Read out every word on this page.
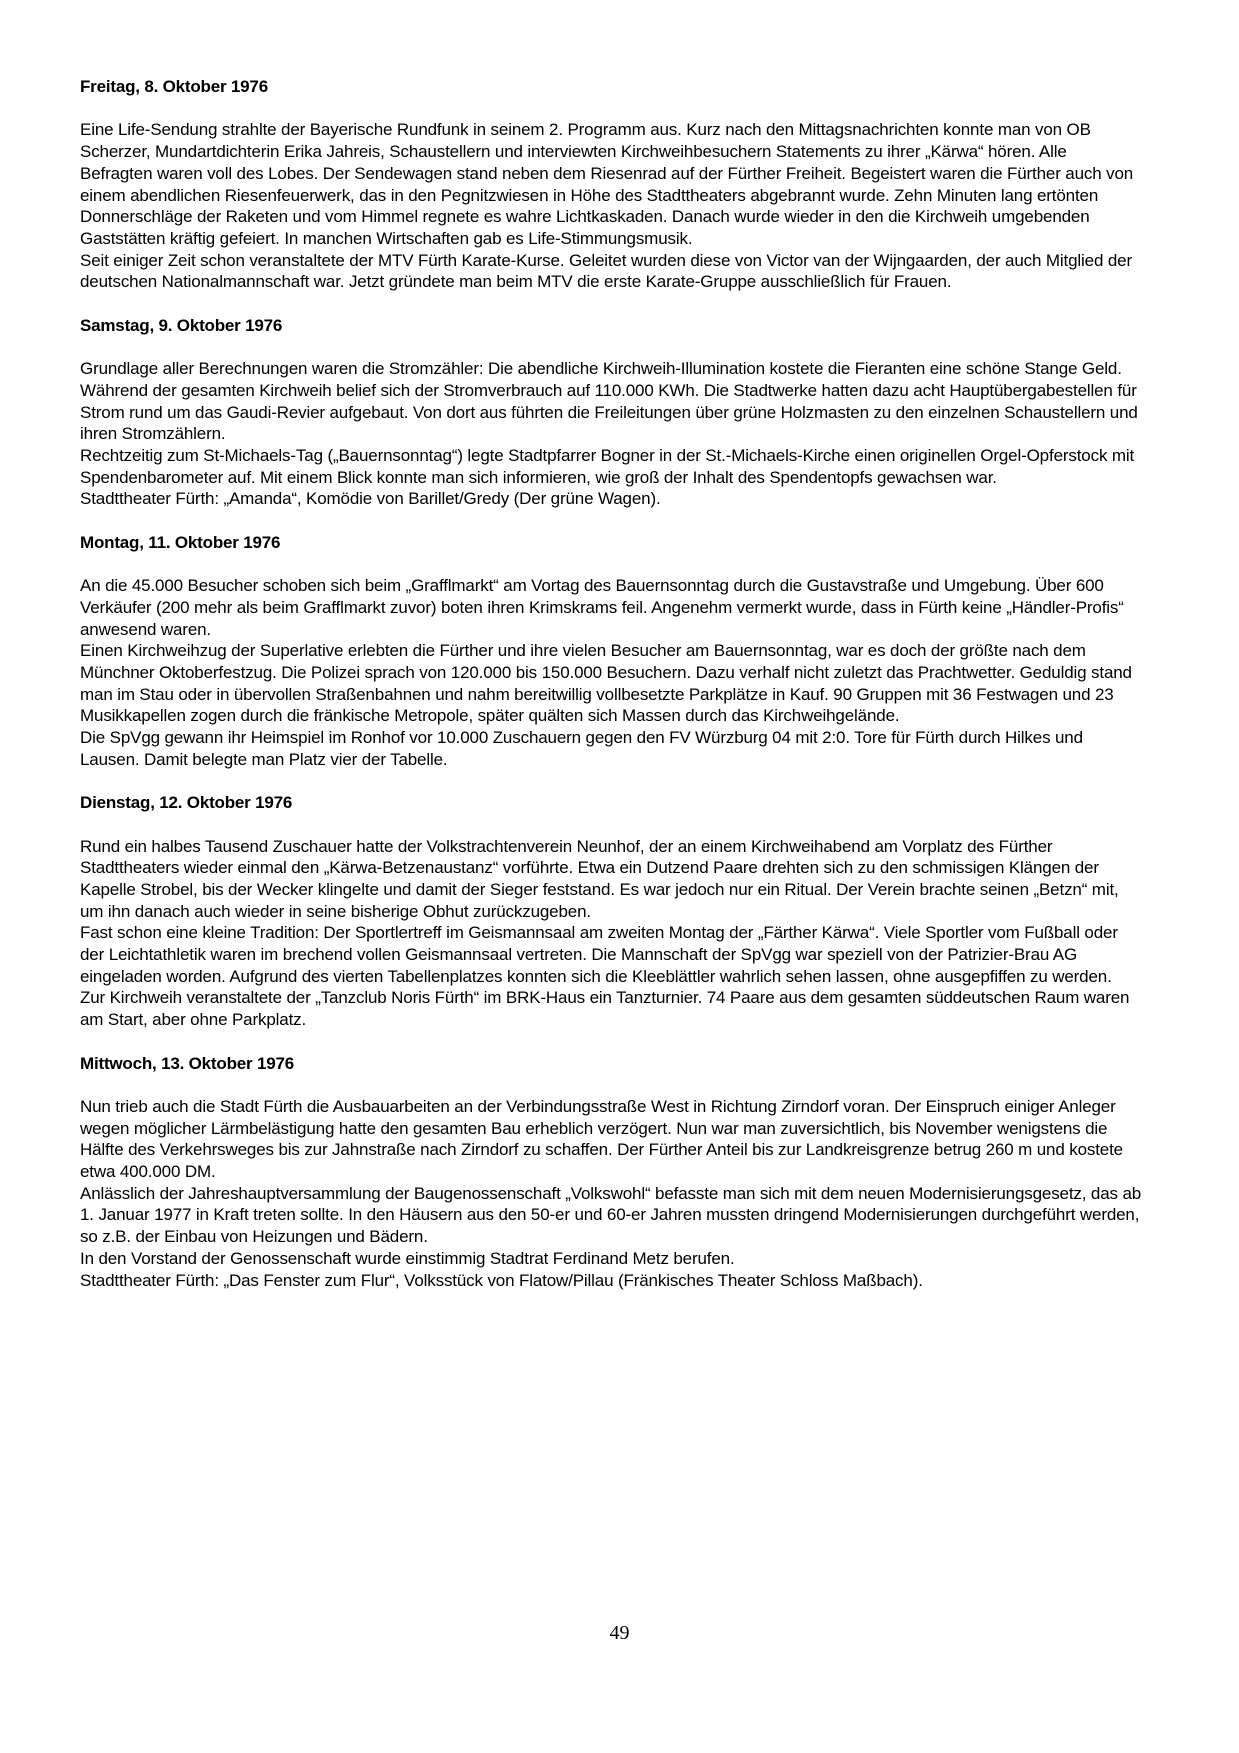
Freitag, 8. Oktober 1976

Eine Life-Sendung strahlte der Bayerische Rundfunk in seinem 2. Programm aus. Kurz nach den Mittagsnachrichten konnte man von OB Scherzer, Mundartdichterin Erika Jahreis, Schaustellern und interviewten Kirchweihbesuchern Statements zu ihrer „Kärwa“ hören. Alle Befragten waren voll des Lobes. Der Sendewagen stand neben dem Riesenrad auf der Fürther Freiheit. Begeistert waren die Fürther auch von einem abendlichen Riesenfeuerwerk, das in den Pegnitzwiesen in Höhe des Stadttheaters abgebrannt wurde. Zehn Minuten lang ertönten Donnerschläge der Raketen und vom Himmel regnete es wahre Lichtkaskaden. Danach wurde wieder in den die Kirchweih umgebenden Gaststätten kräftig gefeiert. In manchen Wirtschaften gab es Life-Stimmungsmusik.

Seit einiger Zeit schon veranstaltete der MTV Fürth Karate-Kurse. Geleitet wurden diese von Victor van der Wijngaarden, der auch Mitglied der deutschen Nationalmannschaft war. Jetzt gründete man beim MTV die erste Karate-Gruppe ausschließlich für Frauen.

Samstag, 9. Oktober 1976

Grundlage aller Berechnungen waren die Stromzähler: Die abendliche Kirchweih-Illumination kostete die Fieranten eine schöne Stange Geld. Während der gesamten Kirchweih belief sich der Stromverbrauch auf 110.000 KWh. Die Stadtwerke hatten dazu acht Hauptübergabestellen für Strom rund um das Gaudi-Revier aufgebaut. Von dort aus führten die Freileitungen über grüne Holzmasten zu den einzelnen Schaustellern und ihren Stromzählern.

Rechtzeitig zum St-Michaels-Tag („Bauernsonntag“) legte Stadtpfarrer Bogner in der St.-Michaels-Kirche einen originellen Orgel-Opferstock mit Spendenbarometer auf. Mit einem Blick konnte man sich informieren, wie groß der Inhalt des Spendentopfs gewachsen war.

Stadttheater Fürth: „Amanda“, Komödie von Barillet/Gredy (Der grüne Wagen).

Montag, 11. Oktober 1976

An die 45.000 Besucher schoben sich beim „Grafflmarkt“ am Vortag des Bauernsonntag durch die Gustavstraße und Umgebung. Über 600 Verkäufer (200 mehr als beim Grafflmarkt zuvor) boten ihren Krimskrams feil. Angenehm vermerkt wurde, dass in Fürth keine „Händler-Profis“ anwesend waren.

Einen Kirchweihzug der Superlative erlebten die Fürther und ihre vielen Besucher am Bauernsonntag, war es doch der größte nach dem Münchner Oktoberfestzug. Die Polizei sprach von 120.000 bis 150.000 Besuchern. Dazu verhalf nicht zuletzt das Prachtwetter. Geduldig stand man im Stau oder in übervollen Straßenbahnen und nahm bereitwillig vollbesetzte Parkplätze in Kauf. 90 Gruppen mit 36 Festwagen und 23 Musikkapellen zogen durch die fränkische Metropole, später quälten sich Massen durch das Kirchweihgelände.

Die SpVgg gewann ihr Heimspiel im Ronhof vor 10.000 Zuschauern gegen den FV Würzburg 04 mit 2:0. Tore für Fürth durch Hilkes und Lausen. Damit belegte man Platz vier der Tabelle.

Dienstag, 12. Oktober 1976

Rund ein halbes Tausend Zuschauer hatte der Volkstrachtenverein Neunhof, der an einem Kirchweihabend am Vorplatz des Fürther Stadttheaters wieder einmal den „Kärwa-Betzenaustanz“ vorführte. Etwa ein Dutzend Paare drehten sich zu den schmissigen Klängen der Kapelle Strobel, bis der Wecker klingelte und damit der Sieger feststand. Es war jedoch nur ein Ritual. Der Verein brachte seinen „Betzn“ mit, um ihn danach auch wieder in seine bisherige Obhut zurückzugeben.

Fast schon eine kleine Tradition: Der Sportlertreff im Geismannsaal am zweiten Montag der „Färther Kärwa“. Viele Sportler vom Fußball oder der Leichtathletik waren im brechend vollen Geismannsaal vertreten. Die Mannschaft der SpVgg war speziell von der Patrizier-Brau AG eingeladen worden. Aufgrund des vierten Tabellenplatzes konnten sich die Kleeblättler wahrlich sehen lassen, ohne ausgepfiffen zu werden.

Zur Kirchweih veranstaltete der „Tanzclub Noris Fürth“ im BRK-Haus ein Tanzturnier. 74 Paare aus dem gesamten süddeutschen Raum waren am Start, aber ohne Parkplatz.

Mittwoch, 13. Oktober 1976

Nun trieb auch die Stadt Fürth die Ausbauarbeiten an der Verbindungsstraße West in Richtung Zirndorf voran. Der Einspruch einiger Anleger wegen möglicher Lärmbelästigung hatte den gesamten Bau erheblich verzögert. Nun war man zuversichtlich, bis November wenigstens die Hälfte des Verkehrsweges bis zur Jahnstraße nach Zirndorf zu schaffen. Der Fürther Anteil bis zur Landkreisgrenze betrug 260 m und kostete etwa 400.000 DM.

Anlässlich der Jahreshauptversammlung der Baugenossenschaft „Volkswohl“ befasste man sich mit dem neuen Modernisierungsgesetz, das ab 1. Januar 1977 in Kraft treten sollte. In den Häusern aus den 50-er und 60-er Jahren mussten dringend Modernisierungen durchgeführt werden, so z.B. der Einbau von Heizungen und Bädern.

In den Vorstand der Genossenschaft wurde einstimmig Stadtrat Ferdinand Metz berufen.

Stadttheater Fürth: „Das Fenster zum Flur“, Volksstück von Flatow/Pillau (Fränkisches Theater Schloss Maßbach).

49
